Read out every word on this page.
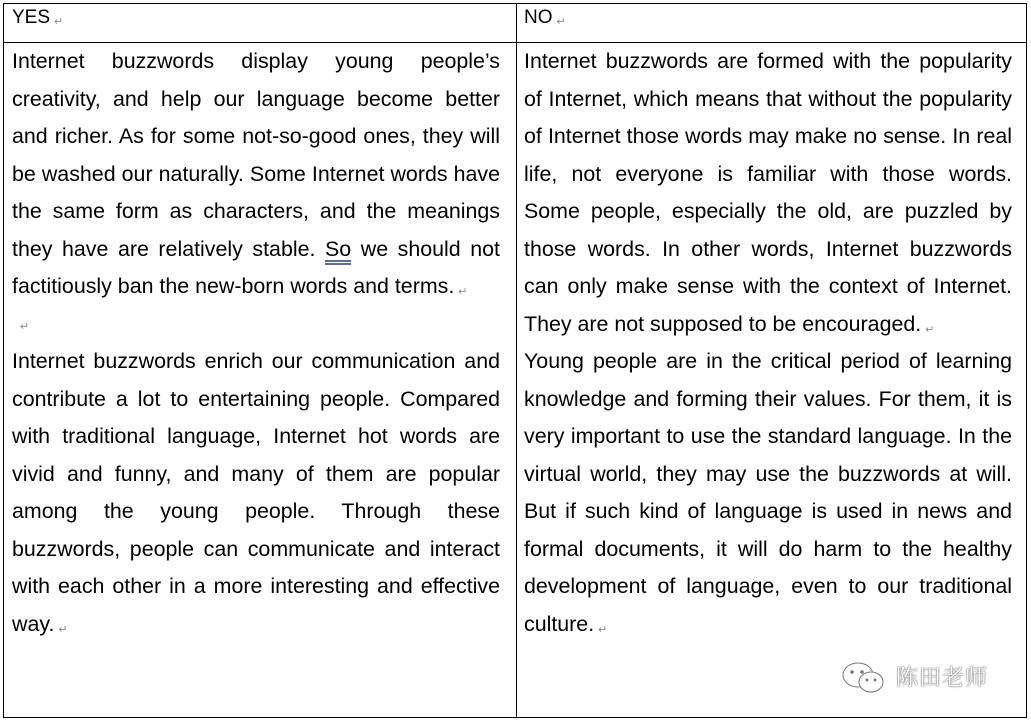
YES ↵	NO ↵

Internet buzzwords display young people’s creativity, and help our language become better and richer. As for some not-so-good ones, they will be washed our naturally. Some Internet words have the same form as characters, and the meanings they have are relatively stable. So we should not factitiously ban the new-born words and terms. ↵

↵

Internet buzzwords enrich our communication and contribute a lot to entertaining people. Compared with traditional language, Internet hot words are vivid and funny, and many of them are popular among the young people. Through these buzzwords, people can communicate and interact with each other in a more interesting and effective way. ↵

Internet buzzwords are formed with the popularity of Internet, which means that without the popularity of Internet those words may make no sense. In real life, not everyone is familiar with those words. Some people, especially the old, are puzzled by those words. In other words, Internet buzzwords can only make sense with the context of Internet. They are not supposed to be encouraged. ↵

Young people are in the critical period of learning knowledge and forming their values. For them, it is very important to use the standard language. In the virtual world, they may use the buzzwords at will. But if such kind of language is used in news and formal documents, it will do harm to the healthy development of language, even to our traditional culture. ↵

陈田老师
